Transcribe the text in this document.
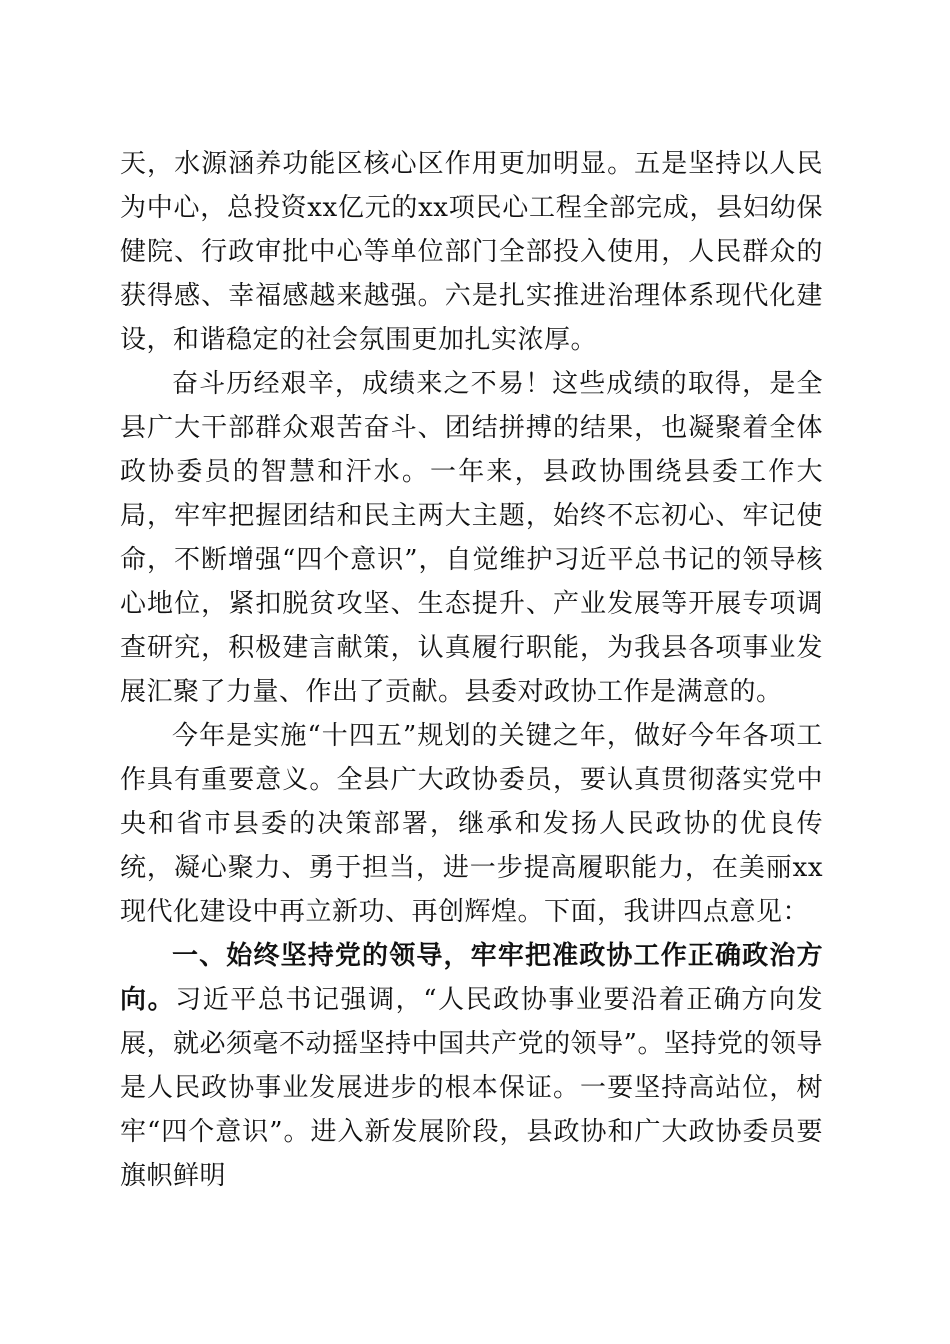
天，水源涵养功能区核心区作用更加明显。五是坚持以人民为中心，总投资xx亿元的xx项民心工程全部完成，县妇幼保健院、行政审批中心等单位部门全部投入使用，人民群众的获得感、幸福感越来越强。六是扎实推进治理体系现代化建设，和谐稳定的社会氛围更加扎实浓厚。

奋斗历经艰辛，成绩来之不易！这些成绩的取得，是全县广大干部群众艰苦奋斗、团结拼搏的结果，也凝聚着全体政协委员的智慧和汗水。一年来，县政协围绕县委工作大局，牢牢把握团结和民主两大主题，始终不忘初心、牢记使命，不断增强“四个意识”，自觉维护习近平总书记的领导核心地位，紧扣脱贫攻坚、生态提升、产业发展等开展专项调查研究，积极建言献策，认真履行职能，为我县各项事业发展汇聚了力量、作出了贡献。县委对政协工作是满意的。

今年是实施“十四五”规划的关键之年，做好今年各项工作具有重要意义。全县广大政协委员，要认真贯彻落实党中央和省市县委的决策部署，继承和发扬人民政协的优良传统，凝心聚力、勇于担当，进一步提高履职能力，在美丽xx现代化建设中再立新功、再创辉煌。下面，我讲四点意见：

一、始终坚持党的领导，牢牢把准政协工作正确政治方向。习近平总书记强调，“人民政协事业要沿着正确方向发展，就必须毫不动摇坚持中国共产党的领导”。坚持党的领导是人民政协事业发展进步的根本保证。一要坚持高站位，树牢“四个意识”。进入新发展阶段，县政协和广大政协委员要旗帜鲜明
